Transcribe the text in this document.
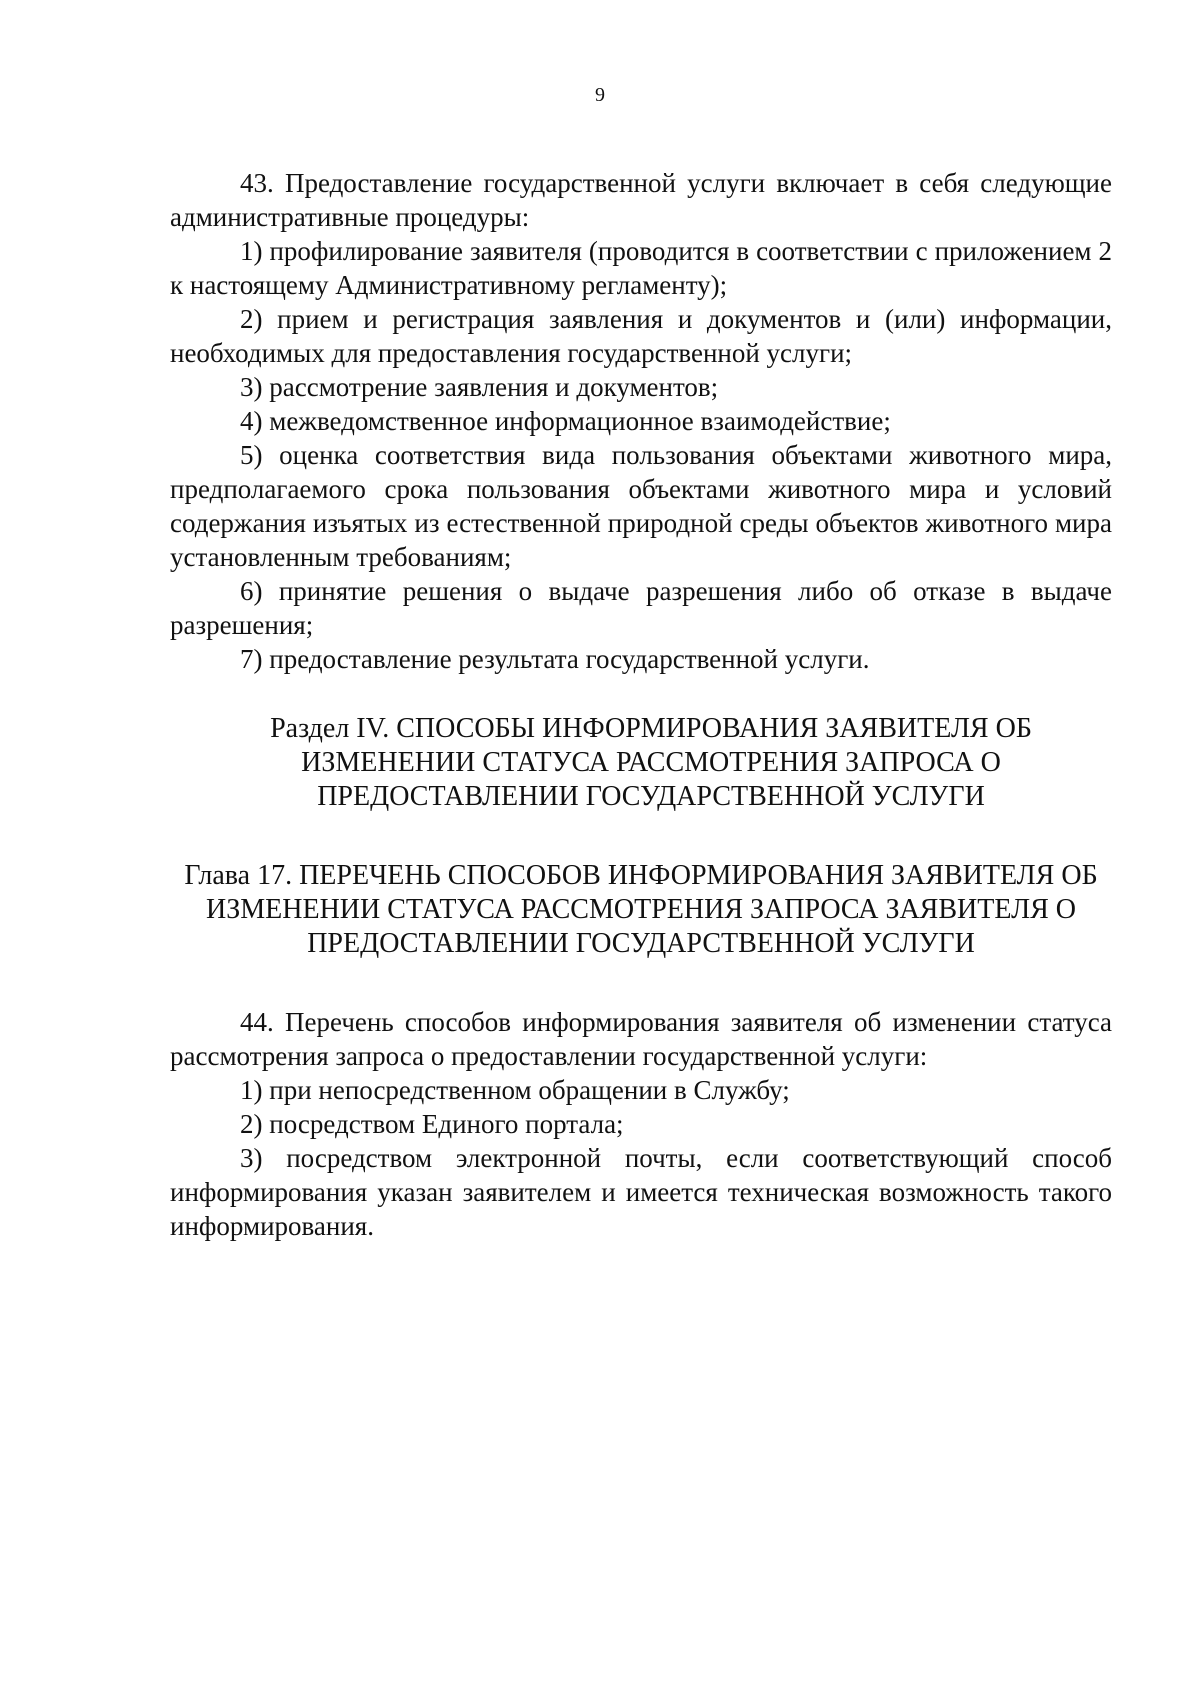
9

43. Предоставление государственной услуги включает в себя следующие административные процедуры:

1) профилирование заявителя (проводится в соответствии с приложением 2 к настоящему Административному регламенту);

2) прием и регистрация заявления и документов и (или) информации, необходимых для предоставления государственной услуги;

3) рассмотрение заявления и документов;

4) межведомственное информационное взаимодействие;

5) оценка соответствия вида пользования объектами животного мира, предполагаемого срока пользования объектами животного мира и условий содержания изъятых из естественной природной среды объектов животного мира установленным требованиям;

6) принятие решения о выдаче разрешения либо об отказе в выдаче разрешения;

7) предоставление результата государственной услуги.

Раздел IV. СПОСОБЫ ИНФОРМИРОВАНИЯ ЗАЯВИТЕЛЯ ОБ ИЗМЕНЕНИИ СТАТУСА РАССМОТРЕНИЯ ЗАПРОСА О ПРЕДОСТАВЛЕНИИ ГОСУДАРСТВЕННОЙ УСЛУГИ

Глава 17. ПЕРЕЧЕНЬ СПОСОБОВ ИНФОРМИРОВАНИЯ ЗАЯВИТЕЛЯ ОБ ИЗМЕНЕНИИ СТАТУСА РАССМОТРЕНИЯ ЗАПРОСА ЗАЯВИТЕЛЯ О ПРЕДОСТАВЛЕНИИ ГОСУДАРСТВЕННОЙ УСЛУГИ

44. Перечень способов информирования заявителя об изменении статуса рассмотрения запроса о предоставлении государственной услуги:

1) при непосредственном обращении в Службу;

2) посредством Единого портала;

3) посредством электронной почты, если соответствующий способ информирования указан заявителем и имеется техническая возможность такого информирования.
